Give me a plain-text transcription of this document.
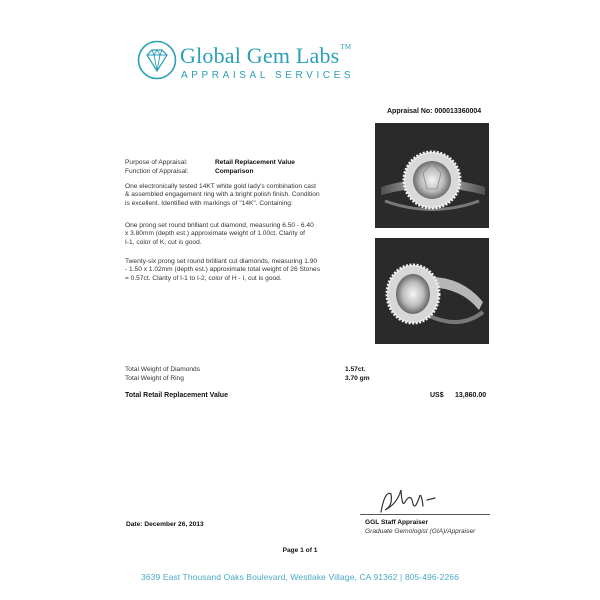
Global Gem Labs™
APPRAISAL SERVICES
Appraisal No: 000013360004
Purpose of Appraisal:	Retail Replacement Value
Function of Appraisal:	Comparison
One electronically tested 14KT white gold lady's combination cast
& assembled engagement ring with a bright polish finish. Condition
is excellent. Identified with markings of "14K". Containing:
One prong set round brilliant cut diamond, measuring 6.50 - 6.40
x 3.80mm (depth est.) approximate weight of 1.00ct. Clarity of
I-1, color of K, cut is good.
Twenty-six prong set round brilliant cut diamonds, measuring 1.90
- 1.50 x 1.02mm (depth est.) approximate total weight of 26 Stones
= 0.57ct. Clarity of I-1 to I-2, color of H - I, cut is good.
Total Weight of Diamonds	1.57ct.
Total Weight of Ring	3.70 gm
Total Retail Replacement Value	US$ 13,860.00
Date: December 26, 2013	GGL Staff Appraiser
Graduate Gemologist (GIA)/Appraiser
Page 1 of 1
3639 East Thousand Oaks Boulevard, Westlake Village, CA 91362 | 805-496-2266
